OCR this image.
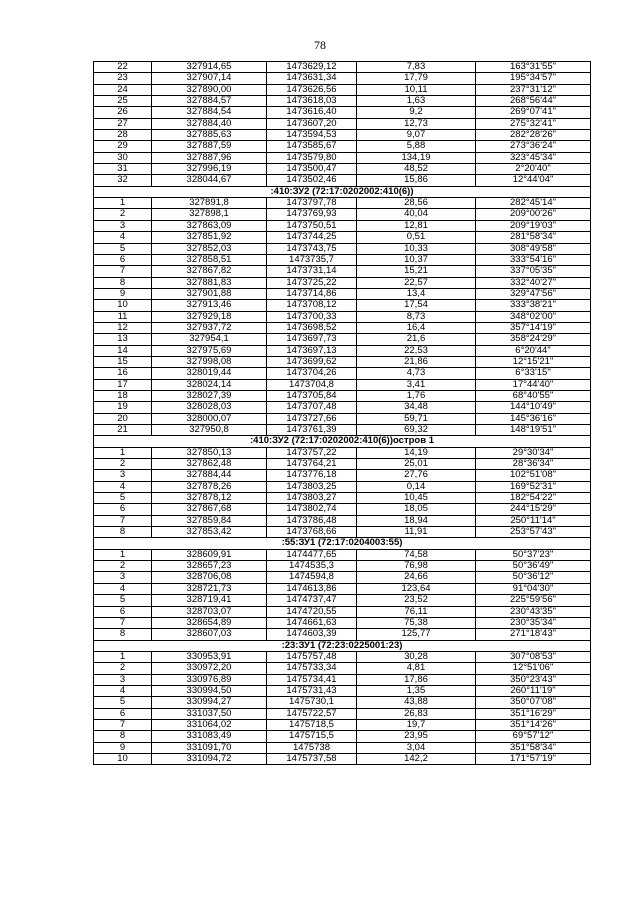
78
22	327914,65	1473629,12	7,83	163°31'55"
23	327907,14	1473631,34	17,79	195°34'57"
24	327890,00	1473626,56	10,11	237°31'12"
25	327884,57	1473618,03	1,63	268°56'44"
26	327884,54	1473616,40	9,2	269°07'41"
27	327884,40	1473607,20	12,73	275°32'41"
28	327885,63	1473594,53	9,07	282°28'26"
29	327887,59	1473585,67	5,88	273°36'24"
30	327887,96	1473579,80	134,19	323°45'34"
31	327996,19	1473500,47	48,52	2°20'40"
32	328044,67	1473502,46	15,86	12°44'04"
:410:ЗУ2 (72:17:0202002:410(6))				
1	327891,8	1473797,78	28,56	282°45'14"
2	327898,1	1473769,93	40,04	209°00'26"
3	327863,09	1473750,51	12,81	209°19'03"
4	327851,92	1473744,25	0,51	281°58'34"
5	327852,03	1473743,75	10,33	308°49'58"
6	327858,51	1473735,7	10,37	333°54'16"
7	327867,82	1473731,14	15,21	337°05'35"
8	327881,83	1473725,22	22,57	332°40'27"
9	327901,88	1473714,86	13,4	329°47'56"
10	327913,46	1473708,12	17,54	333°38'21"
11	327929,18	1473700,33	8,73	348°02'00"
12	327937,72	1473698,52	16,4	357°14'19"
13	327954,1	1473697,73	21,6	358°24'29"
14	327975,69	1473697,13	22,53	6°20'44"
15	327998,08	1473699,62	21,86	12°15'21"
16	328019,44	1473704,26	4,73	6°33'15"
17	328024,14	1473704,8	3,41	17°44'40"
18	328027,39	1473705,84	1,76	68°40'55"
19	328028,03	1473707,48	34,48	144°10'49"
20	328000,07	1473727,66	59,71	145°36'16"
21	327950,8	1473761,39	69,32	148°19'51"
:410:ЗУ2 (72:17:0202002:410(6))остров 1				
1	327850,13	1473757,22	14,19	29°30'34"
2	327862,48	1473764,21	25,01	28°36'34"
3	327884,44	1473776,18	27,76	102°51'08"
4	327878,26	1473803,25	0,14	169°52'31"
5	327878,12	1473803,27	10,45	182°54'22"
6	327867,68	1473802,74	18,05	244°15'29"
7	327859,84	1473786,48	18,94	250°11'14"
8	327853,42	1473768,66	11,91	253°57'43"
:55:ЗУ1 (72:17:0204003:55)				
1	328609,91	1474477,65	74,58	50°37'23"
2	328657,23	1474535,3	76,98	50°36'49"
3	328706,08	1474594,8	24,66	50°36'12"
4	328721,73	1474613,86	123,64	91°04'30"
5	328719,41	1474737,47	23,52	225°59'56"
6	328703,07	1474720,55	76,11	230°43'35"
7	328654,89	1474661,63	75,38	230°35'34"
8	328607,03	1474603,39	125,77	271°18'43"
:23:ЗУ1 (72:23:0225001:23)				
1	330953,91	1475757,48	30,28	307°08'53"
2	330972,20	1475733,34	4,81	12°51'06"
3	330976,89	1475734,41	17,86	350°23'43"
4	330994,50	1475731,43	1,35	260°11'19"
5	330994,27	1475730,1	43,88	350°07'08"
6	331037,50	1475722,57	26,83	351°16'29"
7	331064,02	1475718,5	19,7	351°14'26"
8	331083,49	1475715,5	23,95	69°57'12"
9	331091,70	1475738	3,04	351°58'34"
10	331094,72	1475737,58	142,2	171°57'19"
